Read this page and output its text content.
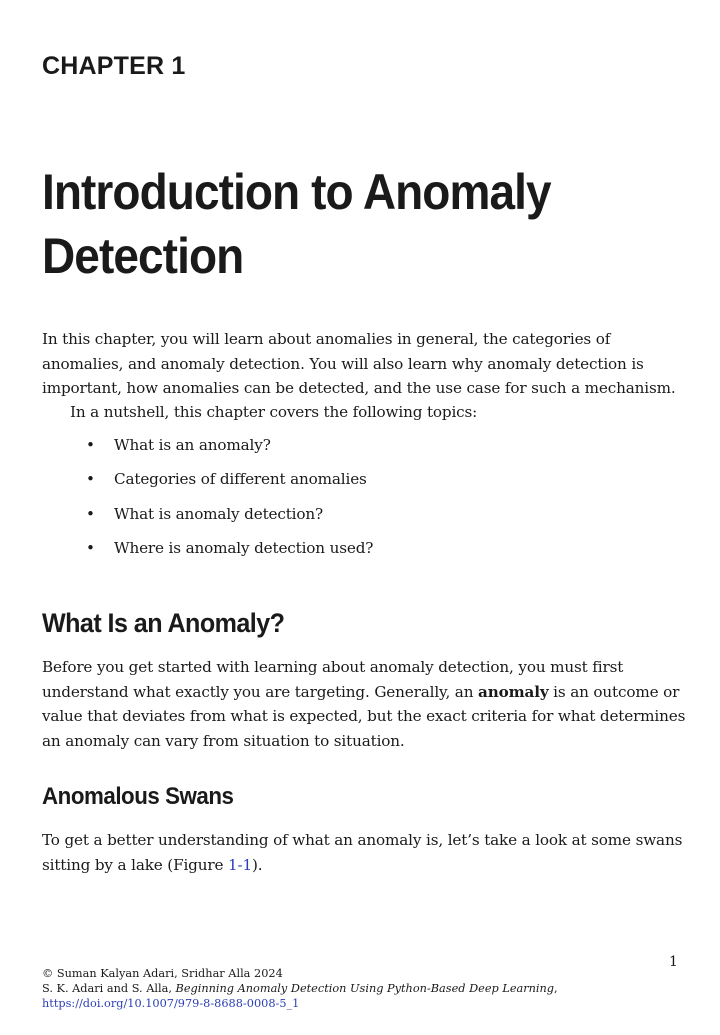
CHAPTER 1
Introduction to Anomaly Detection

In this chapter, you will learn about anomalies in general, the categories of anomalies, and anomaly detection. You will also learn why anomaly detection is important, how anomalies can be detected, and the use case for such a mechanism.

In a nutshell, this chapter covers the following topics:

• What is an anomaly?
• Categories of different anomalies
• What is anomaly detection?
• Where is anomaly detection used?
What Is an Anomaly?

Before you get started with learning about anomaly detection, you must first understand what exactly you are targeting. Generally, an anomaly is an outcome or value that deviates from what is expected, but the exact criteria for what determines an anomaly can vary from situation to situation.

Anomalous Swans

To get a better understanding of what an anomaly is, let’s take a look at some swans sitting by a lake (Figure 1-1).

1
© Suman Kalyan Adari, Sridhar Alla 2024
S. K. Adari and S. Alla, Beginning Anomaly Detection Using Python-Based Deep Learning,
https://doi.org/10.1007/979-8-8688-0008-5_1
